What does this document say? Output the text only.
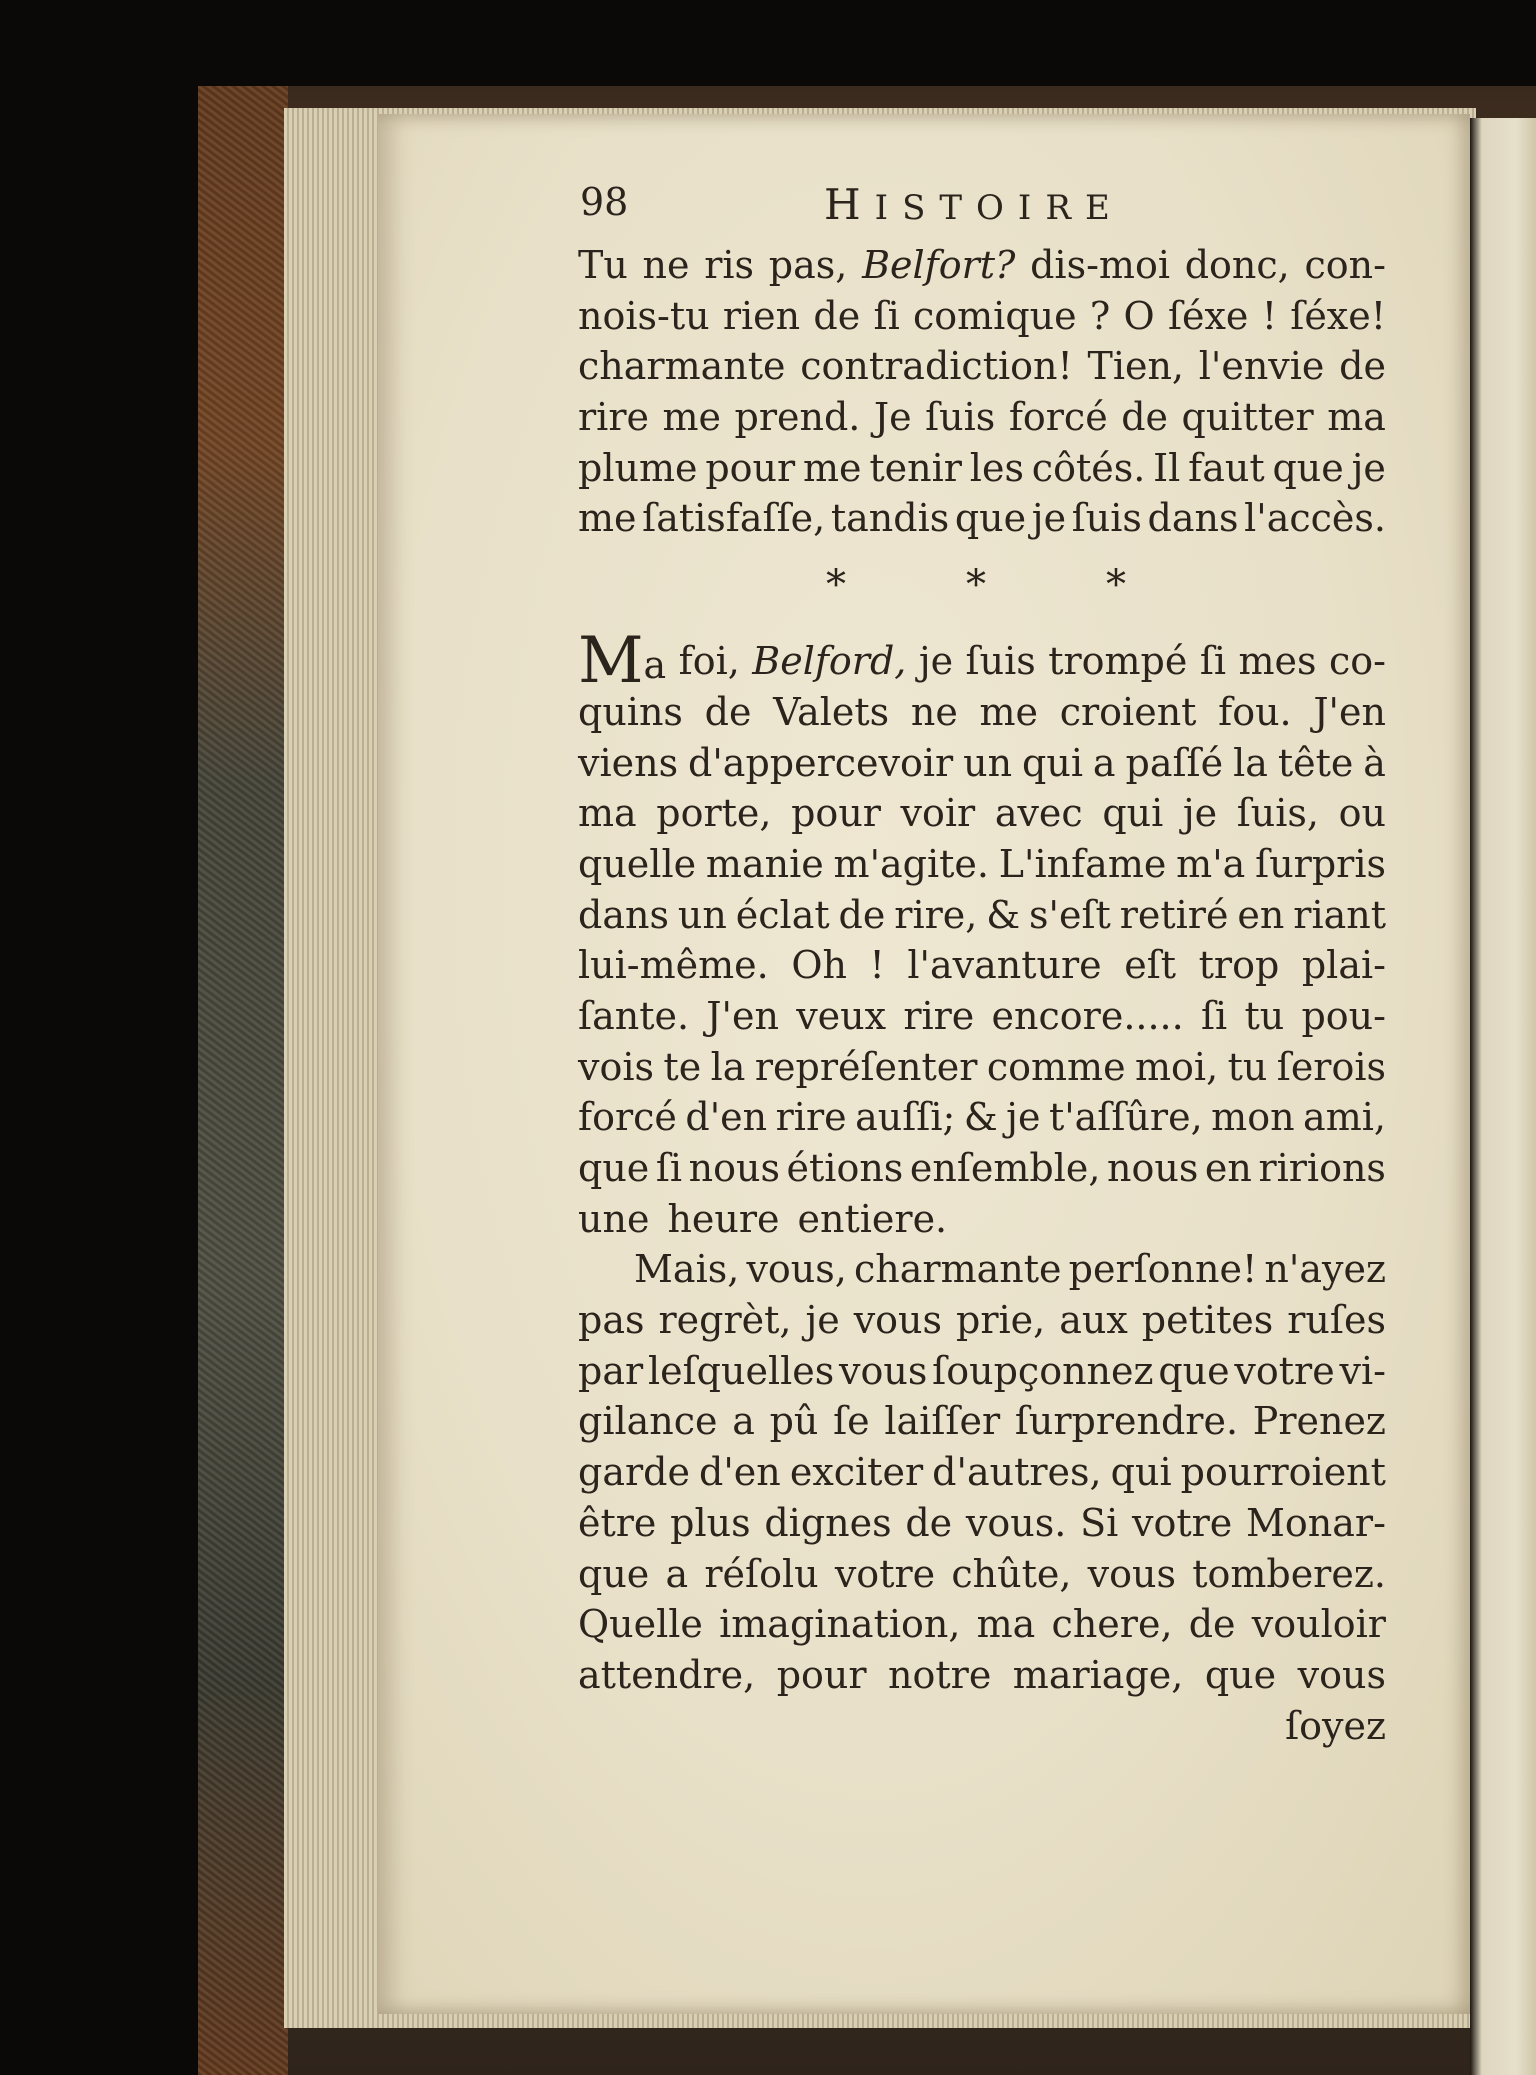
98	HISTOIRE
Tu ne ris pas, Belfort? dis-moi donc, con-
nois-tu rien de ſi comique ? O ſéxe ! ſéxe!
charmante contradiction! Tien, l'envie de
rire me prend. Je ſuis forcé de quitter ma
plume pour me tenir les côtés. Il faut que je
me ſatisfaſſe, tandis que je ſuis dans l'accès.
*	*	*
Ma foi, Belford, je ſuis trompé ſi mes co-
quins de Valets ne me croient fou. J'en
viens d'appercevoir un qui a paſſé la tête à
ma porte, pour voir avec qui je ſuis, ou
quelle manie m'agite. L'infame m'a ſurpris
dans un éclat de rire, & s'eſt retiré en riant
lui-même. Oh ! l'avanture eſt trop plai-
ſante. J'en veux rire encore..... ſi tu pou-
vois te la repréſenter comme moi, tu ſerois
forcé d'en rire auſſi; & je t'aſſûre, mon ami,
que ſi nous étions enſemble, nous en ririons
une heure entiere.
Mais, vous, charmante perſonne! n'ayez
pas regrèt, je vous prie, aux petites ruſes
par leſquelles vous ſoupçonnez que votre vi-
gilance a pû ſe laiſſer ſurprendre. Prenez
garde d'en exciter d'autres, qui pourroient
être plus dignes de vous. Si votre Monar-
que a réſolu votre chûte, vous tomberez.
Quelle imagination, ma chere, de vouloir
attendre, pour notre mariage, que vous
ſoyez
